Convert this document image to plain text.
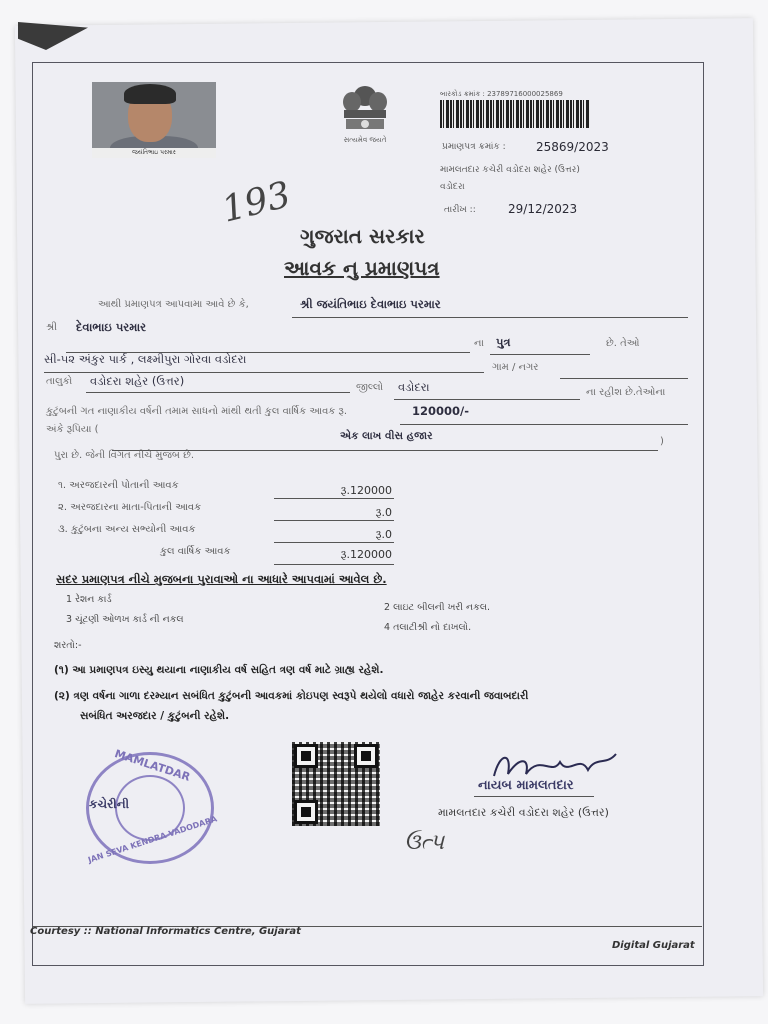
જયંતિભાઇ પરમાર
સત્યમેવ જયતે
બારકોડ ક્રમાંક : 23789716000025869
પ્રમાણપત્ર ક્રમાંક :	25869/2023
મામલતદાર કચેરી વડોદરા શહેર (ઉત્તર)
વડોદરા
તારીખ ::	29/12/2023
193
ગુજરાત સરકાર
આવક નુ પ્રમાણપત્ર
આથી પ્રમાણપત્ર આપવામા આવે છે કે,	શ્રી જયંતિભાઇ દેવાભાઇ પરમાર
શ્રી દેવાભાઇ પરમાર
ના પુત્ર	છે. તેઓ
સી-૫૨ અંકુર પાર્ક , લક્ષ્મીપુરા ગોરવા વડોદરા
ગામ / નગર
તાલુકો વડોદરા શહેર (ઉત્તર)	જીલ્લો વડોદરા	ના રહીશ છે.તેઓના
કુટુંબની ગત નાણાકીય વર્ષની તમામ સાધનો માંથી થતી કુલ વાર્ષિક આવક રૂ.	120000/-
અંકે રૂપિયા (
એક લાખ વીસ હજાર	)
પુરા છે. જેની વિગત નીચે મુજબ છે.
૧. અરજદારની પોતાની આવક	રૂ.120000
૨. અરજદારના માતા-પિતાની આવક	રૂ.0
૩. કુટુંબના અન્ય સભ્યોની આવક	રૂ.0
કુલ વાર્ષિક આવક	રૂ.120000
સદર પ્રમાણપત્ર નીચે મુજબના પુરાવાઓ ના આધારે આપવામાં આવેલ છે.
1 રેશન કાર્ડ
2 લાઇટ બીલની ખરી નકલ.
3 ચૂંટણી ઓળખ કાર્ડ ની નકલ
4 તલાટીશ્રી નો દાખલો.
શરતો:-
(૧) આ પ્રમાણપત્ર ઇસ્યુ થયાના નાણાકીય વર્ષ સહિત ત્રણ વર્ષ માટે ગ્રાહ્ય રહેશે.
(૨) ત્રણ વર્ષના ગાળા દરમ્યાન સબંધિત કુટુંબની આવકમાં કોઇપણ સ્વરૂપે થયેલો વધારો જાહેર કરવાની જવાબદારી
સબંધિત અરજદાર / કુટુંબની રહેશે.
MAMLATDAR
કચેરીની
JAN SEVA KENDRA VADODARA
નાયબ મામલતદાર
મામલતદાર કચેરી વડોદરા શહેર (ઉત્તર)
ઉત્પ
Courtesy :: National Informatics Centre, Gujarat
Digital Gujarat
